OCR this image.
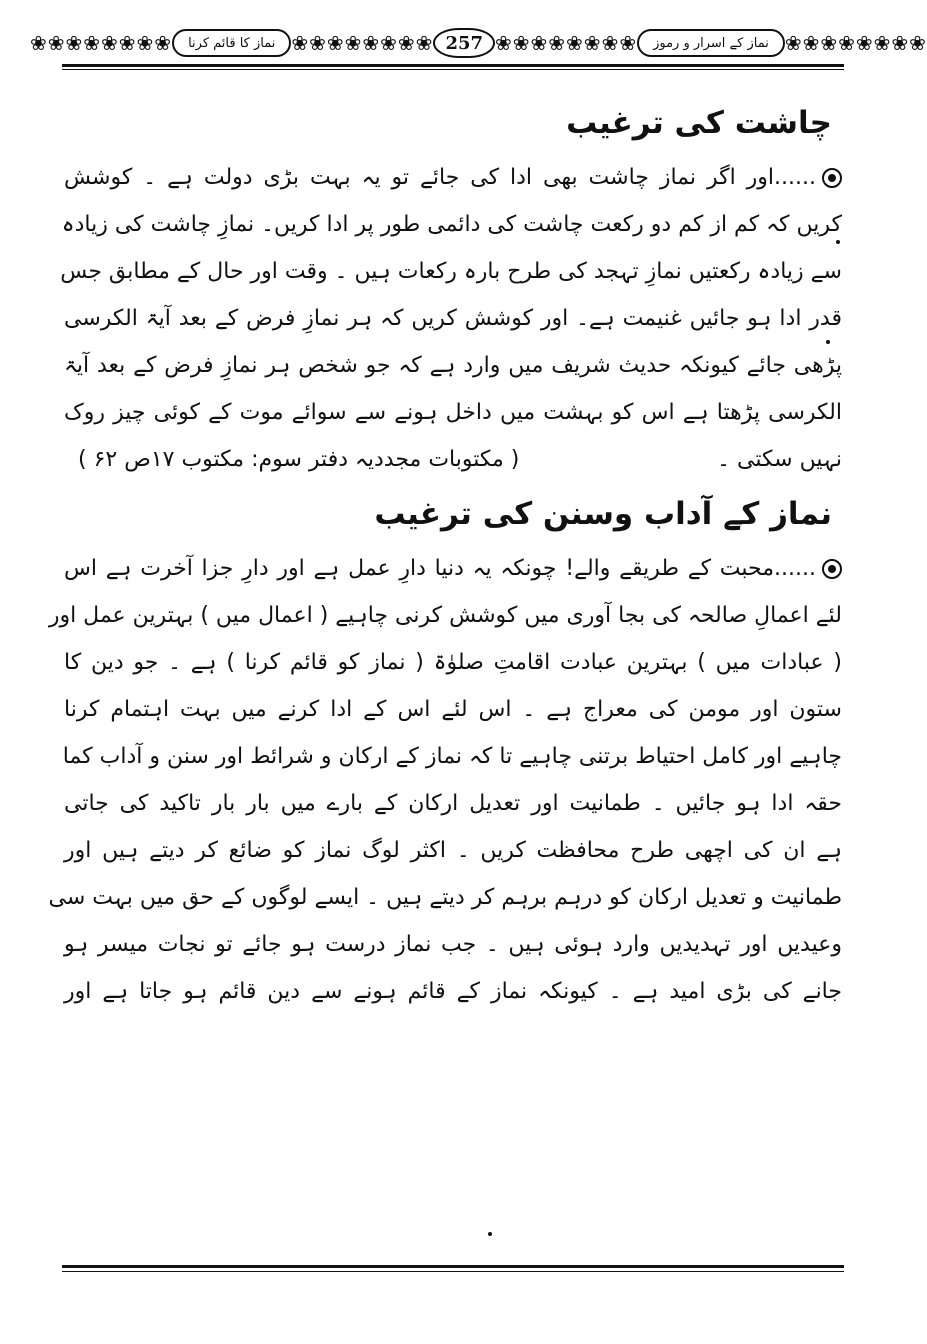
❀❀❀❀❀❀❀❀	نماز کا قائم کرنا ❀❀❀❀❀❀❀❀ 257 ❀❀❀❀❀❀❀❀	نماز کے اسرار و رموز ❀❀❀❀❀❀❀❀
چاشت کی ترغیب
......اور اگر نماز چاشت بھی ادا کی جائے تو یہ بہت بڑی دولت ہے ۔ کوشش
کریں کہ کم از کم دو رکعت چاشت کی دائمی طور پر ادا کریں۔ نمازِ چاشت کی زیادہ
سے زیادہ رکعتیں نمازِ تہجد کی طرح بارہ رکعات ہیں ۔ وقت اور حال کے مطابق جس
قدر ادا ہو جائیں غنیمت ہے۔ اور کوشش کریں کہ ہر نمازِ فرض کے بعد آیۃ الکرسی
پڑھی جائے کیونکہ حدیث شریف میں وارد ہے کہ جو شخص ہر نمازِ فرض کے بعد آیۃ
الکرسی پڑھتا ہے اس کو بہشت میں داخل ہونے سے سوائے موت کے کوئی چیز روک
نہیں سکتی ۔
( مکتوبات مجددیہ دفتر سوم: مکتوب ۱۷ص ۶۲ )
نماز کے آداب وسنن کی ترغیب
......محبت کے طریقے والے! چونکہ یہ دنیا دارِ عمل ہے اور دارِ جزا آخرت ہے اس
لئے اعمالِ صالحہ کی بجا آوری میں کوشش کرنی چاہیے ( اعمال میں ) بہترین عمل اور
( عبادات میں ) بہترین عبادت اقامتِ صلوٰۃ ( نماز کو قائم کرنا ) ہے ۔ جو دین کا
ستون اور مومن کی معراج ہے ۔ اس لئے اس کے ادا کرنے میں بہت اہتمام کرنا
چاہیے اور کامل احتیاط برتنی چاہیے تا کہ نماز کے ارکان و شرائط اور سنن و آداب کما
حقہ ادا ہو جائیں ۔ طمانیت اور تعدیل ارکان کے بارے میں بار بار تاکید کی جاتی
ہے ان کی اچھی طرح محافظت کریں ۔ اکثر لوگ نماز کو ضائع کر دیتے ہیں اور
طمانیت و تعدیل ارکان کو درہم برہم کر دیتے ہیں ۔ ایسے لوگوں کے حق میں بہت سی
وعیدیں اور تہدیدیں وارد ہوئی ہیں ۔ جب نماز درست ہو جائے تو نجات میسر ہو
جانے کی بڑی امید ہے ۔ کیونکہ نماز کے قائم ہونے سے دین قائم ہو جاتا ہے اور
